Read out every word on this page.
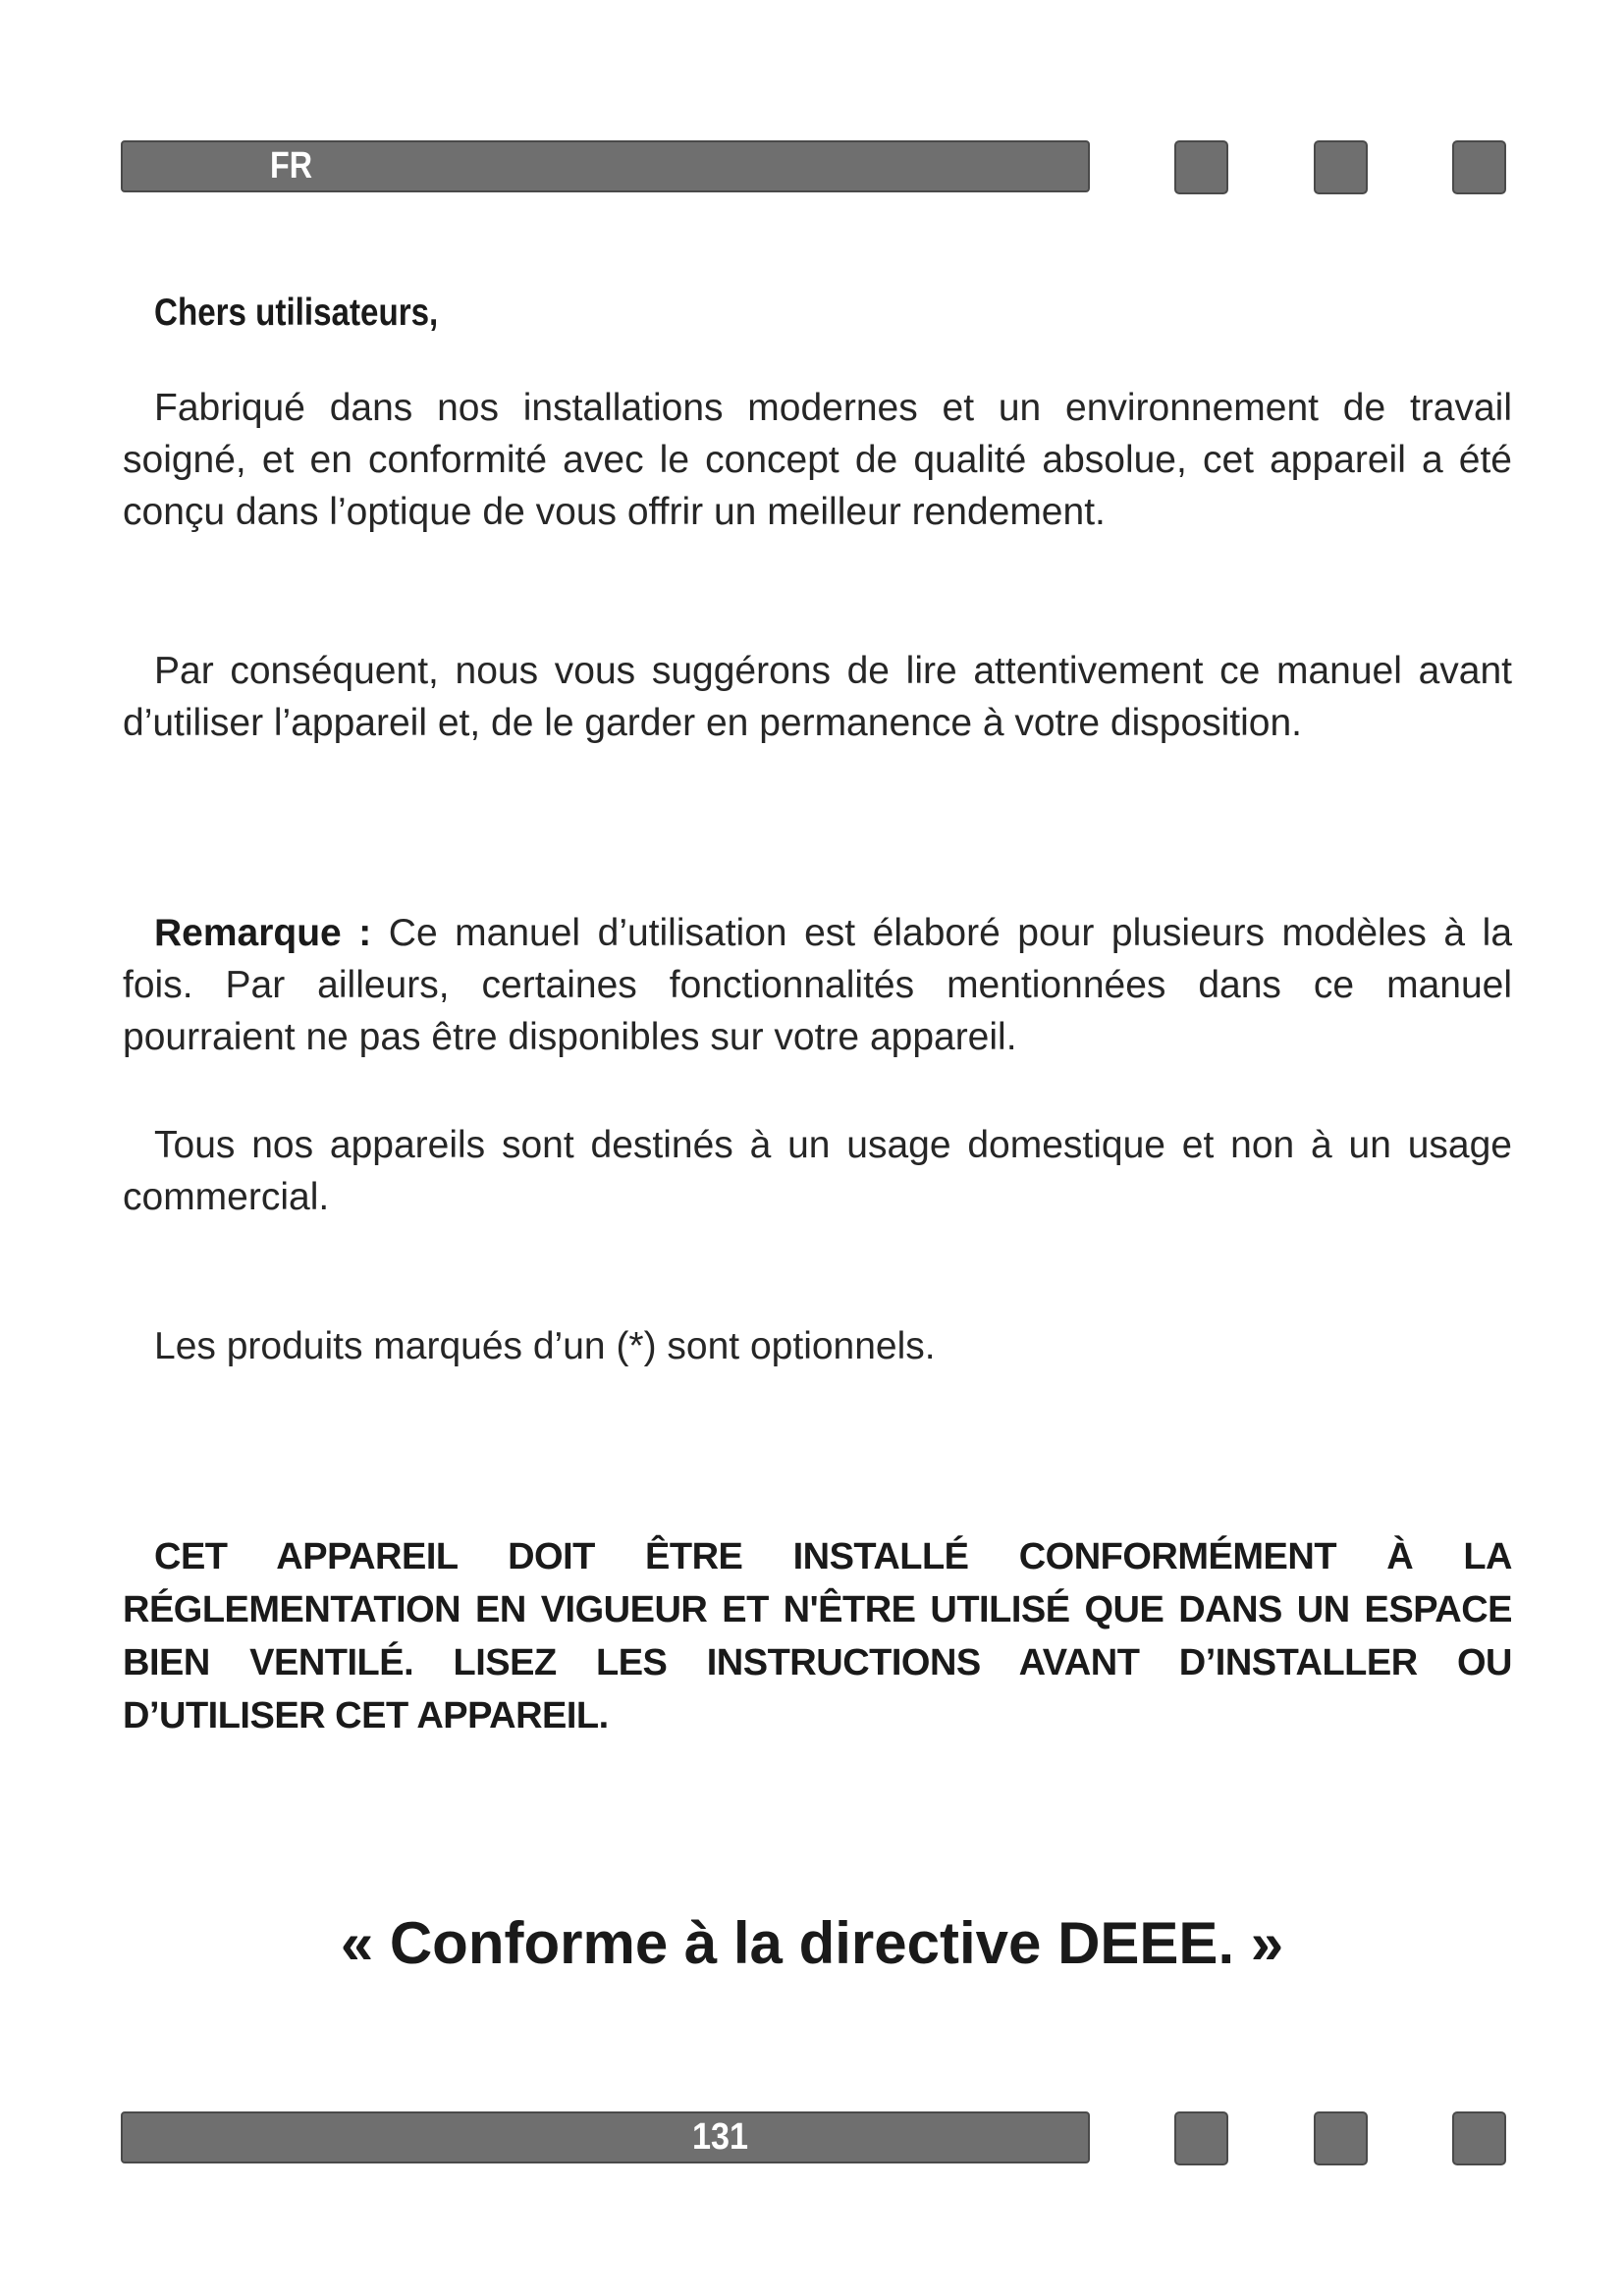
FR

Chers utilisateurs,

Fabriqué dans nos installations modernes et un environnement de travail soigné, et en conformité avec le concept de qualité absolue, cet appareil a été conçu dans l’optique de vous offrir un meilleur rendement.

Par conséquent, nous vous suggérons de lire attentivement ce manuel avant d’utiliser l’appareil et, de le garder en permanence à votre disposition.

Remarque : Ce manuel d’utilisation est élaboré pour plusieurs modèles à la fois. Par ailleurs, certaines fonctionnalités mentionnées dans ce manuel pourraient ne pas être disponibles sur votre appareil.

Tous nos appareils sont destinés à un usage domestique et non à un usage commercial.

Les produits marqués d’un (*) sont optionnels.

CET APPAREIL DOIT ÊTRE INSTALLÉ CONFORMÉMENT À LA RÉGLEMENTATION EN VIGUEUR ET N'ÊTRE UTILISÉ QUE DANS UN ESPACE BIEN VENTILÉ. LISEZ LES INSTRUCTIONS AVANT D’INSTALLER OU D’UTILISER CET APPAREIL.

« Conforme à la directive DEEE. »

131
